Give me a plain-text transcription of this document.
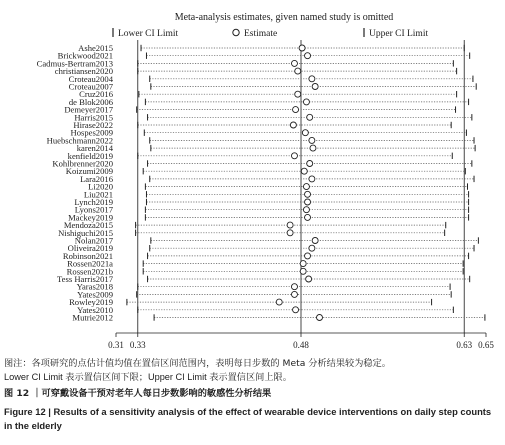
Meta-analysis estimates, given named study is omitted
Lower CI Limit	Estimate	Upper CI Limit
Ashe2015
Brickwood2021
Cadmus-Bertram2013
christiansen2020
Croteau2004
Croteau2007
Cruz2016
de Blok2006
Demeyer2017
Harris2015
Hirase2022
Hospes2009
Huebschmann2022
karen2014
kenfield2019
Kohlbrenner2020
Koizumi2009
Lara2016
Li2020
Liu2021
Lynch2019
Lyons2017
Mackey2019
Mendoza2015
Nishiguchi2015
Nolan2017
Oliveira2019
Robinson2021
Rossen2021a
Rossen2021b
Tess Harris2017
Yaras2018
Yates2009
Rowley2019
Yates2010
Mutrie2012
0.31 0.33	0.48	0.63 0.65
图注：各项研究的点估计值均值在置信区间范围内，表明每日步数的 Meta 分析结果较为稳定。
Lower CI Limit 表示置信区间下限；Upper CI Limit 表示置信区间上限。
图 12 ｜可穿戴设备干预对老年人每日步数影响的敏感性分析结果
Figure 12 | Results of a sensitivity analysis of the effect of wearable device interventions on daily step counts in the elderly
